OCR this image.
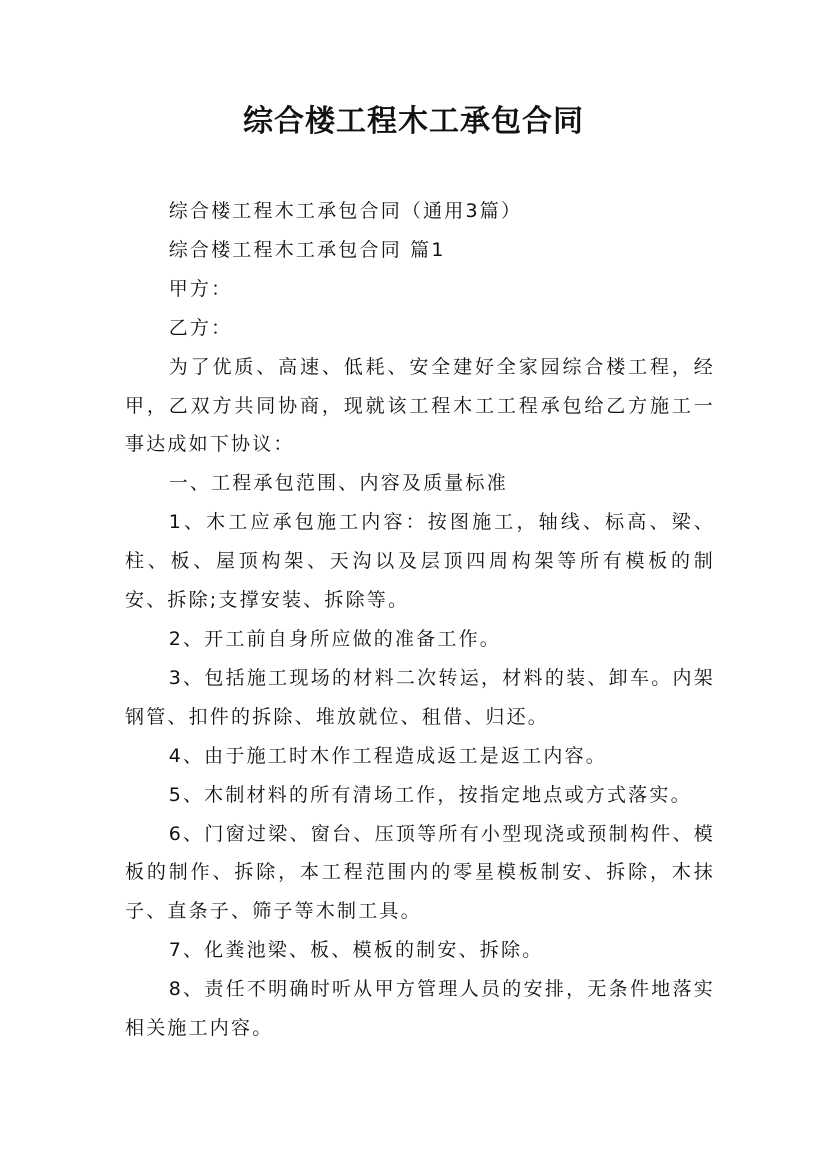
综合楼工程木工承包合同

综合楼工程木工承包合同（通用3篇）

综合楼工程木工承包合同 篇1

甲方：

乙方：

为了优质、高速、低耗、安全建好全家园综合楼工程，经甲，乙双方共同协商，现就该工程木工工程承包给乙方施工一事达成如下协议：

一、工程承包范围、内容及质量标准

1、木工应承包施工内容：按图施工，轴线、标高、梁、柱、板、屋顶构架、天沟以及层顶四周构架等所有模板的制安、拆除;支撑安装、拆除等。

2、开工前自身所应做的准备工作。

3、包括施工现场的材料二次转运，材料的装、卸车。内架钢管、扣件的拆除、堆放就位、租借、归还。

4、由于施工时木作工程造成返工是返工内容。

5、木制材料的所有清场工作，按指定地点或方式落实。

6、门窗过梁、窗台、压顶等所有小型现浇或预制构件、模板的制作、拆除，本工程范围内的零星模板制安、拆除，木抹子、直条子、筛子等木制工具。

7、化粪池梁、板、模板的制安、拆除。

8、责任不明确时听从甲方管理人员的安排，无条件地落实相关施工内容。
